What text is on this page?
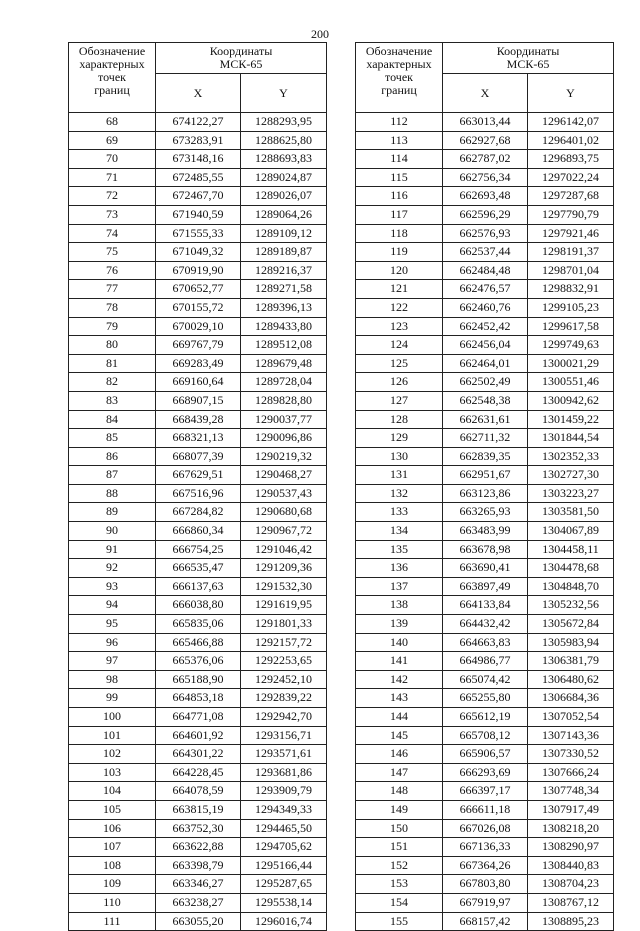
200
Обозначение
характерных
точек
границ	Координаты
МСК-65	
	X	Y
68	674122,27	1288293,95
69	673283,91	1288625,80
70	673148,16	1288693,83
71	672485,55	1289024,87
72	672467,70	1289026,07
73	671940,59	1289064,26
74	671555,33	1289109,12
75	671049,32	1289189,87
76	670919,90	1289216,37
77	670652,77	1289271,58
78	670155,72	1289396,13
79	670029,10	1289433,80
80	669767,79	1289512,08
81	669283,49	1289679,48
82	669160,64	1289728,04
83	668907,15	1289828,80
84	668439,28	1290037,77
85	668321,13	1290096,86
86	668077,39	1290219,32
87	667629,51	1290468,27
88	667516,96	1290537,43
89	667284,82	1290680,68
90	666860,34	1290967,72
91	666754,25	1291046,42
92	666535,47	1291209,36
93	666137,63	1291532,30
94	666038,80	1291619,95
95	665835,06	1291801,33
96	665466,88	1292157,72
97	665376,06	1292253,65
98	665188,90	1292452,10
99	664853,18	1292839,22
100	664771,08	1292942,70
101	664601,92	1293156,71
102	664301,22	1293571,61
103	664228,45	1293681,86
104	664078,59	1293909,79
105	663815,19	1294349,33
106	663752,30	1294465,50
107	663622,88	1294705,62
108	663398,79	1295166,44
109	663346,27	1295287,65
110	663238,27	1295538,14
111	663055,20	1296016,74
Обозначение
характерных
точек
границ	Координаты
МСК-65	
	X	Y
112	663013,44	1296142,07
113	662927,68	1296401,02
114	662787,02	1296893,75
115	662756,34	1297022,24
116	662693,48	1297287,68
117	662596,29	1297790,79
118	662576,93	1297921,46
119	662537,44	1298191,37
120	662484,48	1298701,04
121	662476,57	1298832,91
122	662460,76	1299105,23
123	662452,42	1299617,58
124	662456,04	1299749,63
125	662464,01	1300021,29
126	662502,49	1300551,46
127	662548,38	1300942,62
128	662631,61	1301459,22
129	662711,32	1301844,54
130	662839,35	1302352,33
131	662951,67	1302727,30
132	663123,86	1303223,27
133	663265,93	1303581,50
134	663483,99	1304067,89
135	663678,98	1304458,11
136	663690,41	1304478,68
137	663897,49	1304848,70
138	664133,84	1305232,56
139	664432,42	1305672,84
140	664663,83	1305983,94
141	664986,77	1306381,79
142	665074,42	1306480,62
143	665255,80	1306684,36
144	665612,19	1307052,54
145	665708,12	1307143,36
146	665906,57	1307330,52
147	666293,69	1307666,24
148	666397,17	1307748,34
149	666611,18	1307917,49
150	667026,08	1308218,20
151	667136,33	1308290,97
152	667364,26	1308440,83
153	667803,80	1308704,23
154	667919,97	1308767,12
155	668157,42	1308895,23
